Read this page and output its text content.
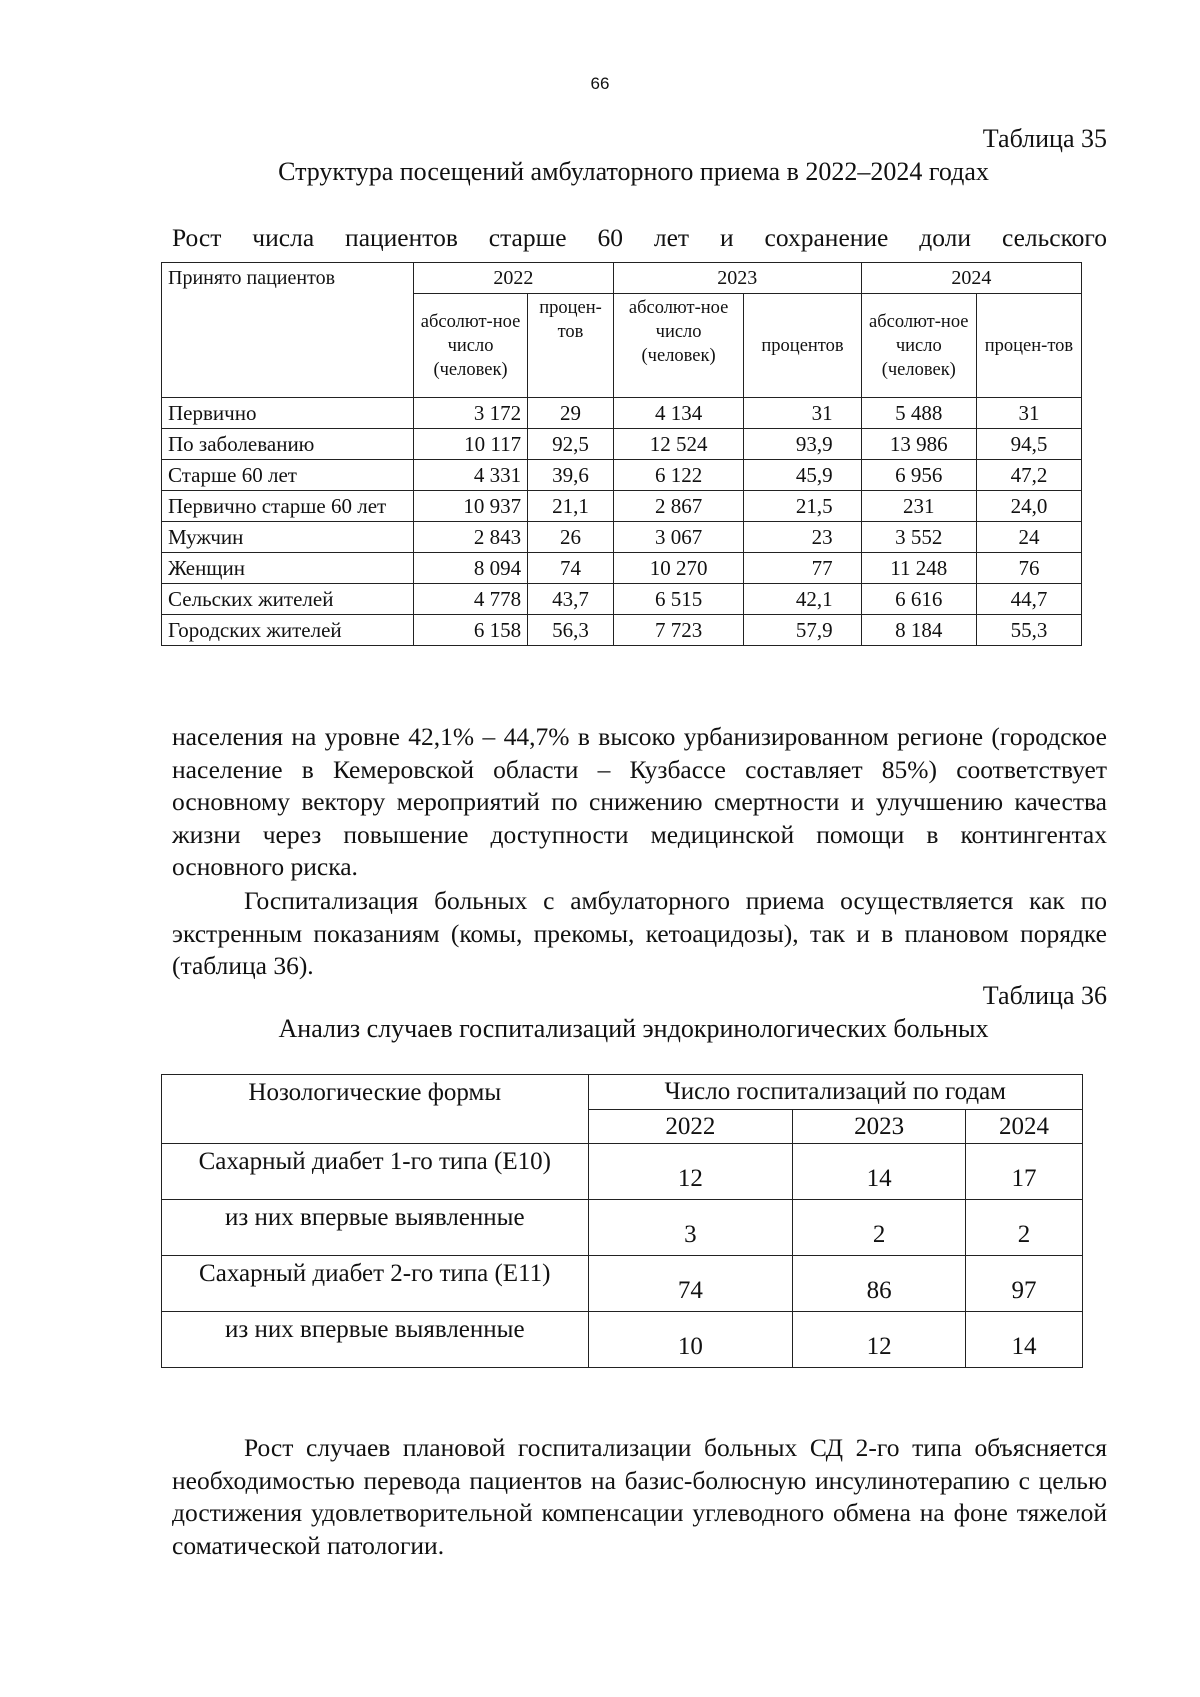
66
Таблица 35
Структура посещений амбулаторного приема в 2022–2024 годах
Рост числа пациентов старше 60 лет и сохранение доли сельского
Принято пациентов	2022		2023		2024	
	абсолют-ное число (человек)	процен-тов	абсолют-ное число (человек)	процентов	абсолют-ное число (человек)	процен-тов
Первично	3 172	29	4 134	31	5 488	31
По заболеванию	10 117	92,5	12 524	93,9	13 986	94,5
Старше 60 лет	4 331	39,6	6 122	45,9	6 956	47,2
Первично старше 60 лет	10 937	21,1	2 867	21,5	231	24,0
Мужчин	2 843	26	3 067	23	3 552	24
Женщин	8 094	74	10 270	77	11 248	76
Сельских жителей	4 778	43,7	6 515	42,1	6 616	44,7
Городских жителей	6 158	56,3	7 723	57,9	8 184	55,3
населения на уровне 42,1% – 44,7% в высоко урбанизированном регионе (городское население в Кемеровской области – Кузбассе составляет 85%) соответствует основному вектору мероприятий по снижению смертности и улучшению качества жизни через повышение доступности медицинской помощи в контингентах основного риска.
Госпитализация больных с амбулаторного приема осуществляется как по экстренным показаниям (комы, прекомы, кетоацидозы), так и в плановом порядке (таблица 36).
Таблица 36
Анализ случаев госпитализаций эндокринологических больных
Нозологические формы	Число госпитализаций по годам		
	2022	2023	2024
Сахарный диабет 1-го типа (Е10)	12	14	17
из них впервые выявленные	3	2	2
Сахарный диабет 2-го типа (Е11)	74	86	97
из них впервые выявленные	10	12	14
Рост случаев плановой госпитализации больных СД 2-го типа объясняется необходимостью перевода пациентов на базис-болюсную инсулинотерапию с целью достижения удовлетворительной компенсации углеводного обмена на фоне тяжелой соматической патологии.
